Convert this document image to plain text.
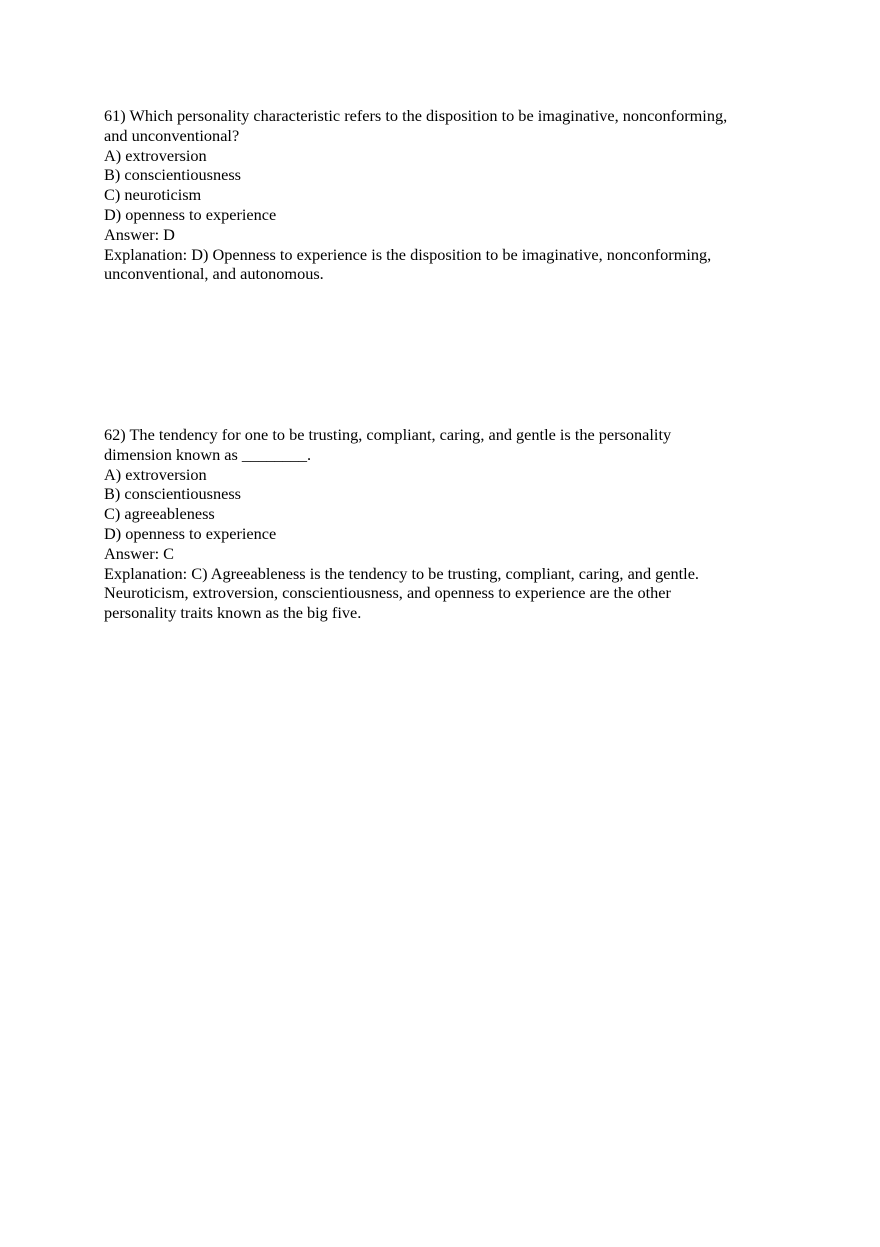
61) Which personality characteristic refers to the disposition to be imaginative, nonconforming,
and unconventional?
A) extroversion
B) conscientiousness
C) neuroticism
D) openness to experience
Answer: D
Explanation: D) Openness to experience is the disposition to be imaginative, nonconforming,
unconventional, and autonomous.
62) The tendency for one to be trusting, compliant, caring, and gentle is the personality
dimension known as ________.
A) extroversion
B) conscientiousness
C) agreeableness
D) openness to experience
Answer: C
Explanation: C) Agreeableness is the tendency to be trusting, compliant, caring, and gentle.
Neuroticism, extroversion, conscientiousness, and openness to experience are the other
personality traits known as the big five.
